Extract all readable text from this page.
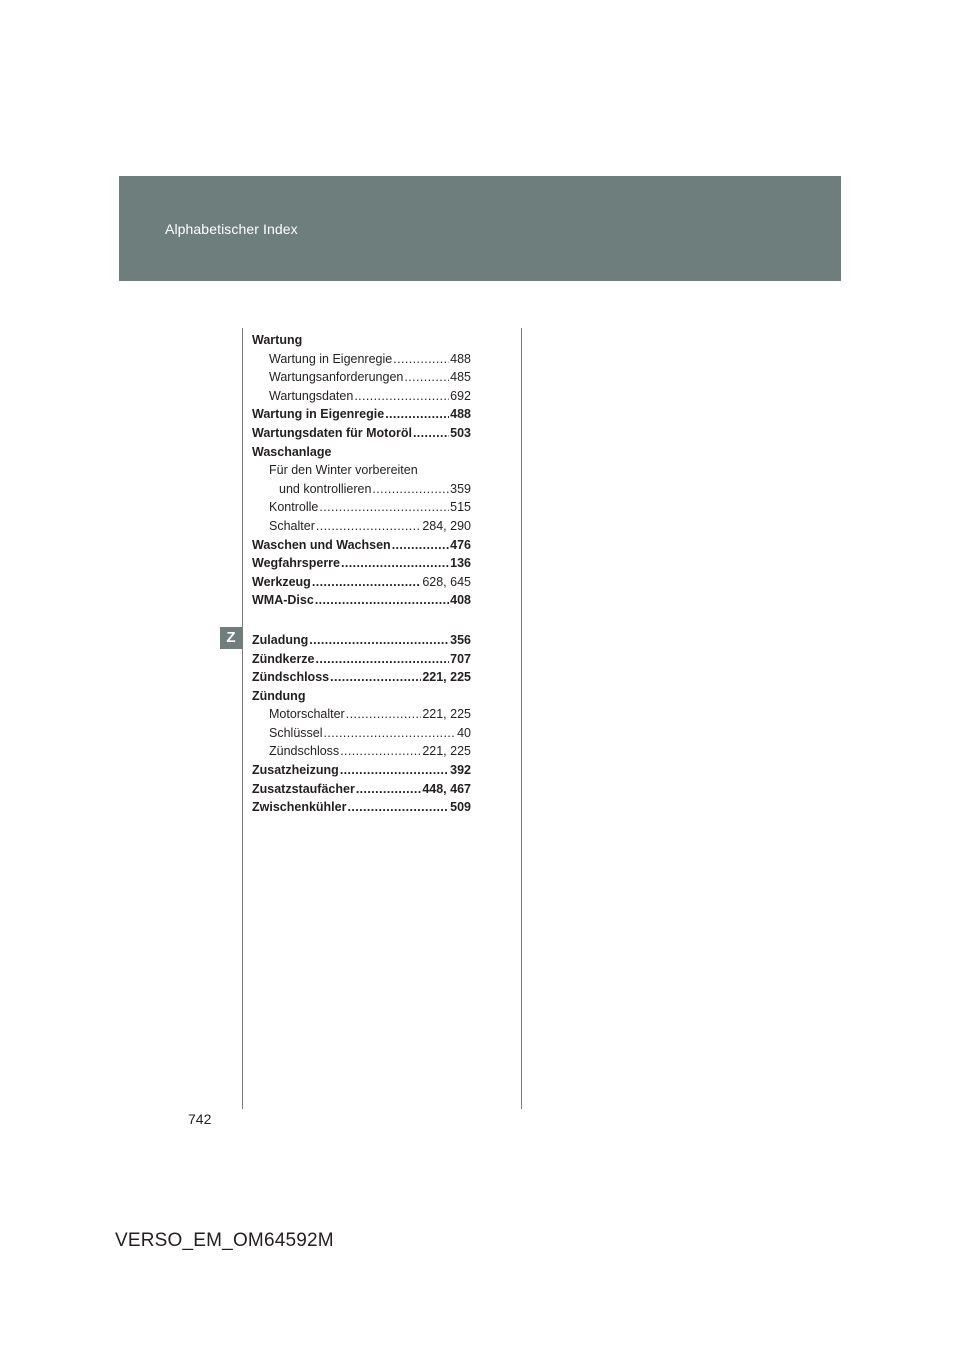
Alphabetischer Index
Z
Wartung
Wartung in Eigenregie .....	488
Wartungsanforderungen .....	485
Wartungsdaten .....	692
Wartung in Eigenregie .....	488
Wartungsdaten für Motoröl .....	503
Waschanlage
Für den Winter vorbereiten
und kontrollieren .....	359
Kontrolle .....	515
Schalter .....	284, 290
Waschen und Wachsen .....	476
Wegfahrsperre .....	136
Werkzeug .....	628, 645
WMA-Disc .....	408
Zuladung .....	356
Zündkerze .....	707
Zündschloss .....	221, 225
Zündung
Motorschalter .....	221, 225
Schlüssel .....	40
Zündschloss .....	221, 225
Zusatzheizung .....	392
Zusatzstaufächer .....	448, 467
Zwischenkühler .....	509
742
VERSO_EM_OM64592M
